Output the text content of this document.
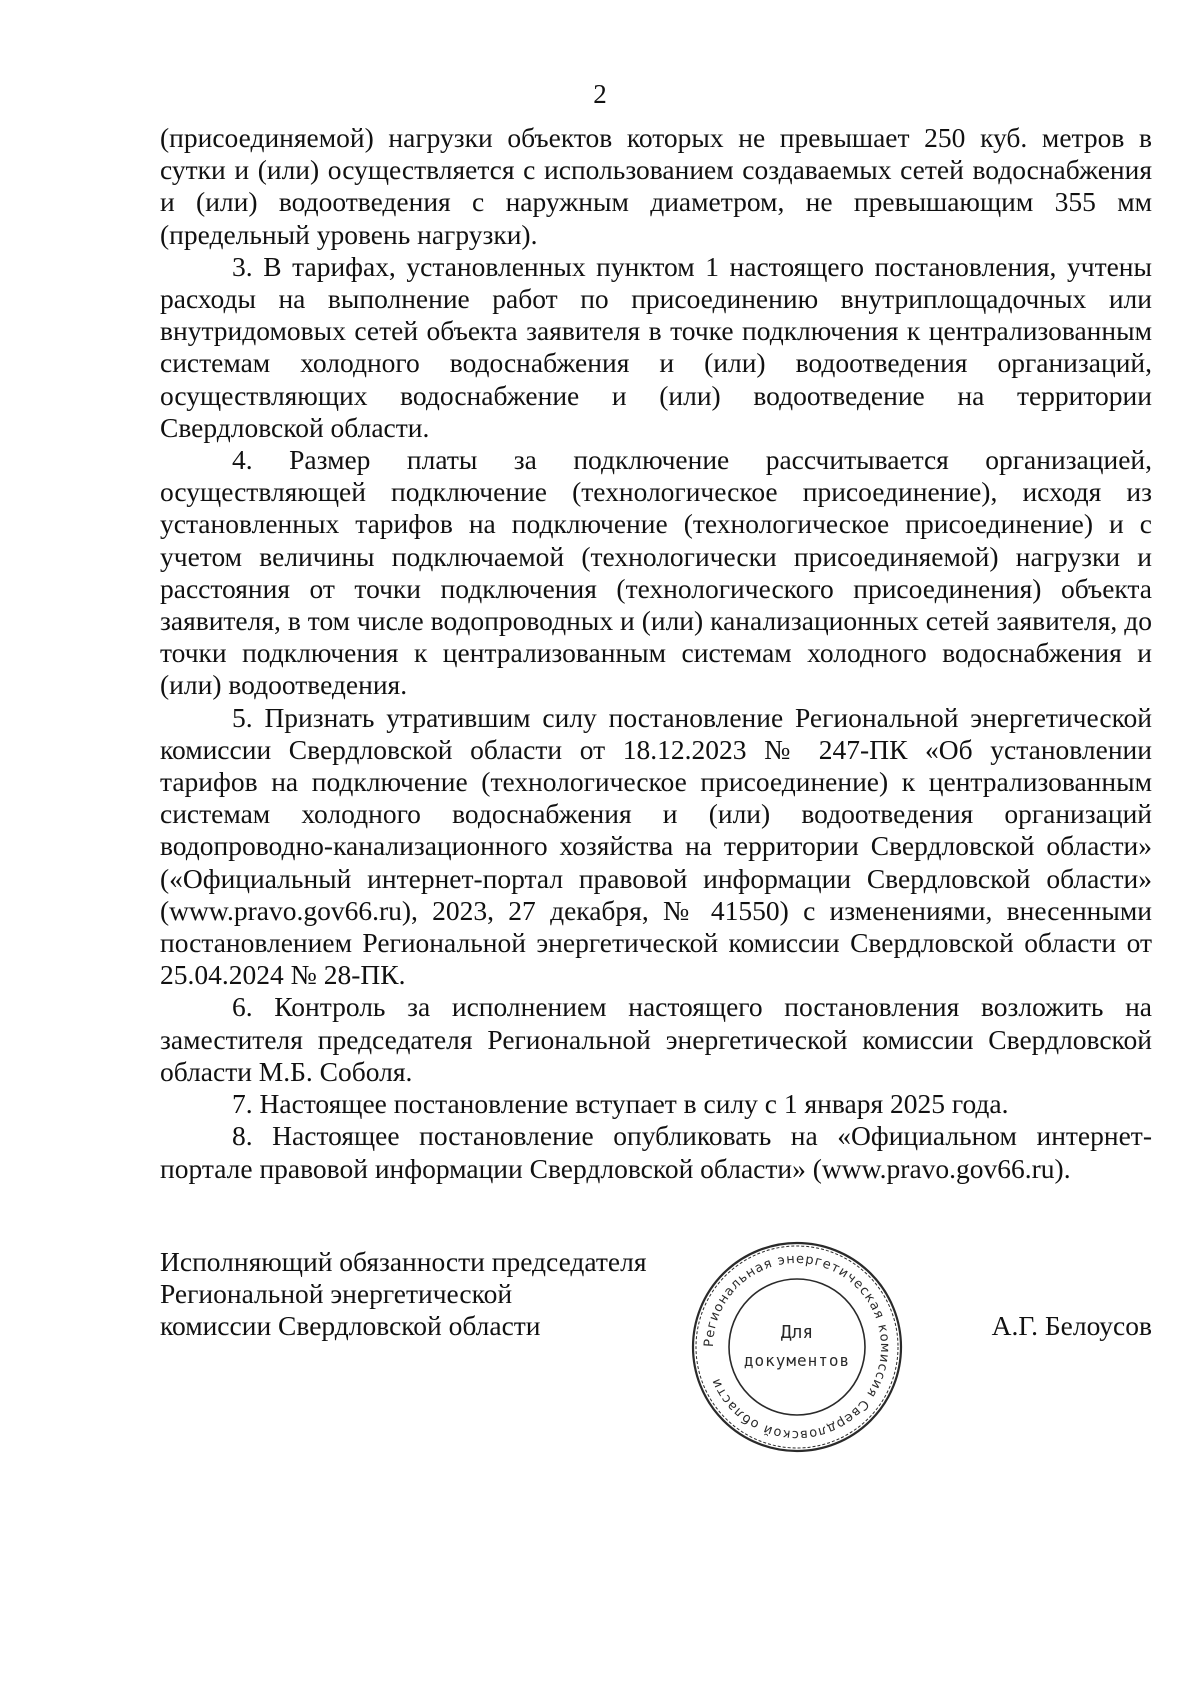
2

(присоединяемой) нагрузки объектов которых не превышает 250 куб. метров в сутки и (или) осуществляется с использованием создаваемых сетей водоснабжения и (или) водоотведения с наружным диаметром, не превышающим 355 мм (предельный уровень нагрузки).

3. В тарифах, установленных пунктом 1 настоящего постановления, учтены расходы на выполнение работ по присоединению внутриплощадочных или внутридомовых сетей объекта заявителя в точке подключения к централизованным системам холодного водоснабжения и (или) водоотведения организаций, осуществляющих водоснабжение и (или) водоотведение на территории Свердловской области.

4. Размер платы за подключение рассчитывается организацией, осуществляющей подключение (технологическое присоединение), исходя из установленных тарифов на подключение (технологическое присоединение) и с учетом величины подключаемой (технологически присоединяемой) нагрузки и расстояния от точки подключения (технологического присоединения) объекта заявителя, в том числе водопроводных и (или) канализационных сетей заявителя, до точки подключения к централизованным системам холодного водоснабжения и (или) водоотведения.

5. Признать утратившим силу постановление Региональной энергетической комиссии Свердловской области от 18.12.2023 № 247-ПК «Об установлении тарифов на подключение (технологическое присоединение) к централизованным системам холодного водоснабжения и (или) водоотведения организаций водопроводно-канализационного хозяйства на территории Свердловской области» («Официальный интернет-портал правовой информации Свердловской области» (www.pravo.gov66.ru), 2023, 27 декабря, № 41550) с изменениями, внесенными постановлением Региональной энергетической комиссии Свердловской области от 25.04.2024 № 28-ПК.

6. Контроль за исполнением настоящего постановления возложить на заместителя председателя Региональной энергетической комиссии Свердловской области М.Б. Соболя.

7. Настоящее постановление вступает в силу с 1 января 2025 года.

8. Настоящее постановление опубликовать на «Официальном интернет-портале правовой информации Свердловской области» (www.pravo.gov66.ru).

Исполняющий обязанности председателя
Региональной энергетической
комиссии Свердловской области
Региональная энергетическая комиссия Свердловской области
Для
документов
А.Г. Белоусов
